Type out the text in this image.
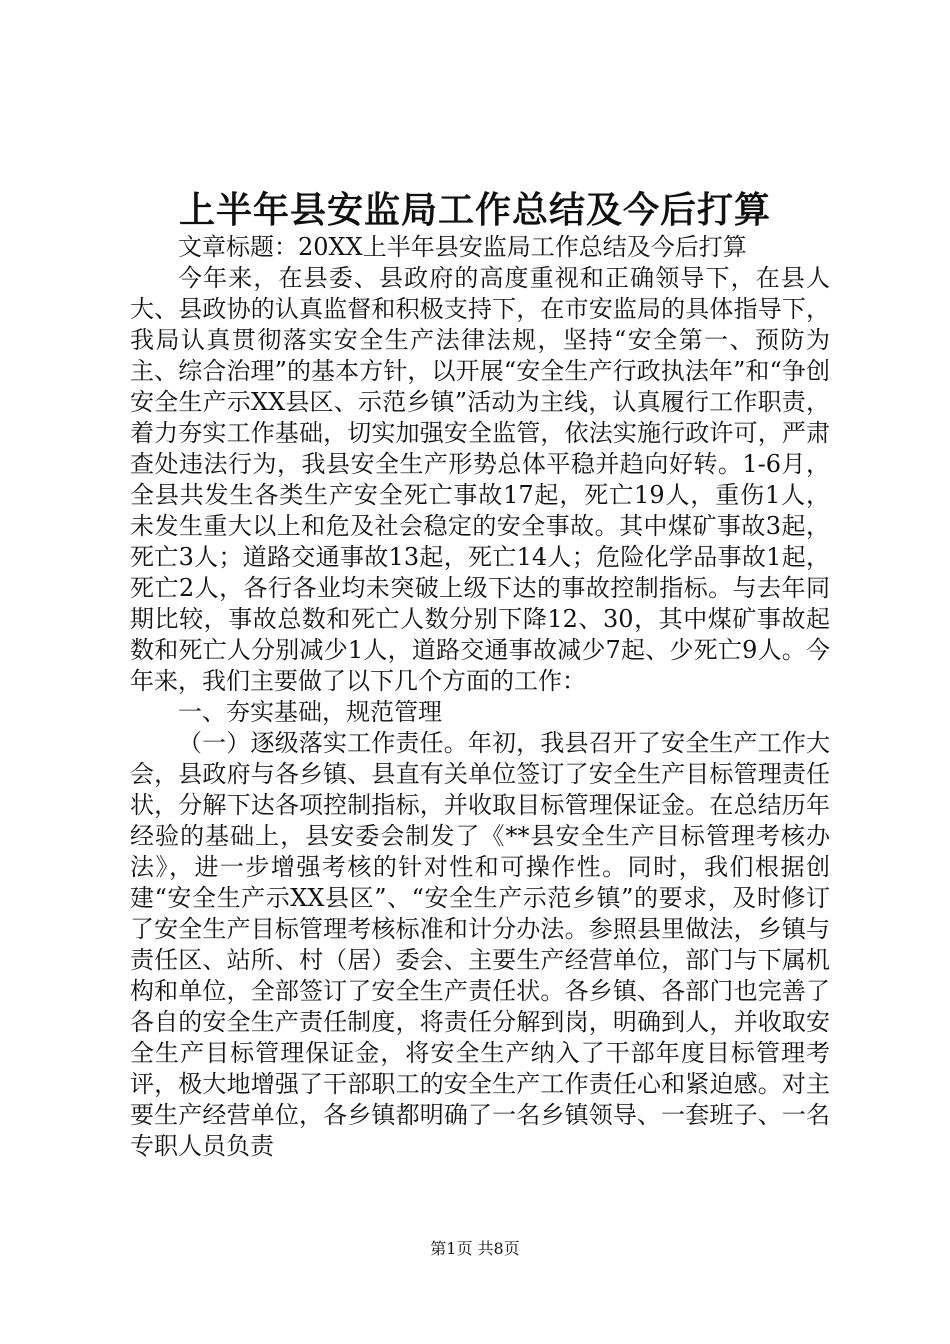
上半年县安监局工作总结及今后打算

文章标题：20XX上半年县安监局工作总结及今后打算

今年来，在县委、县政府的高度重视和正确领导下，在县人大、县政协的认真监督和积极支持下，在市安监局的具体指导下，我局认真贯彻落实安全生产法律法规，坚持“安全第一、预防为主、综合治理”的基本方针，以开展“安全生产行政执法年”和“争创安全生产示XX县区、示范乡镇”活动为主线，认真履行工作职责，着力夯实工作基础，切实加强安全监管，依法实施行政许可，严肃查处违法行为，我县安全生产形势总体平稳并趋向好转。1-6月，全县共发生各类生产安全死亡事故17起，死亡19人，重伤1人，未发生重大以上和危及社会稳定的安全事故。其中煤矿事故3起，死亡3人；道路交通事故13起，死亡14人；危险化学品事故1起，死亡2人，各行各业均未突破上级下达的事故控制指标。与去年同期比较，事故总数和死亡人数分别下降12、30，其中煤矿事故起数和死亡人分别减少1人，道路交通事故减少7起、少死亡9人。今年来，我们主要做了以下几个方面的工作：

一、夯实基础，规范管理

（一）逐级落实工作责任。年初，我县召开了安全生产工作大会，县政府与各乡镇、县直有关单位签订了安全生产目标管理责任状，分解下达各项控制指标，并收取目标管理保证金。在总结历年经验的基础上，县安委会制发了《**县安全生产目标管理考核办法》，进一步增强考核的针对性和可操作性。同时，我们根据创建“安全生产示XX县区”、“安全生产示范乡镇”的要求，及时修订了安全生产目标管理考核标准和计分办法。参照县里做法，乡镇与责任区、站所、村（居）委会、主要生产经营单位，部门与下属机构和单位，全部签订了安全生产责任状。各乡镇、各部门也完善了各自的安全生产责任制度，将责任分解到岗，明确到人，并收取安全生产目标管理保证金，将安全生产纳入了干部年度目标管理考评，极大地增强了干部职工的安全生产工作责任心和紧迫感。对主要生产经营单位，各乡镇都明确了一名乡镇领导、一套班子、一名专职人员负责

第1页 共8页
